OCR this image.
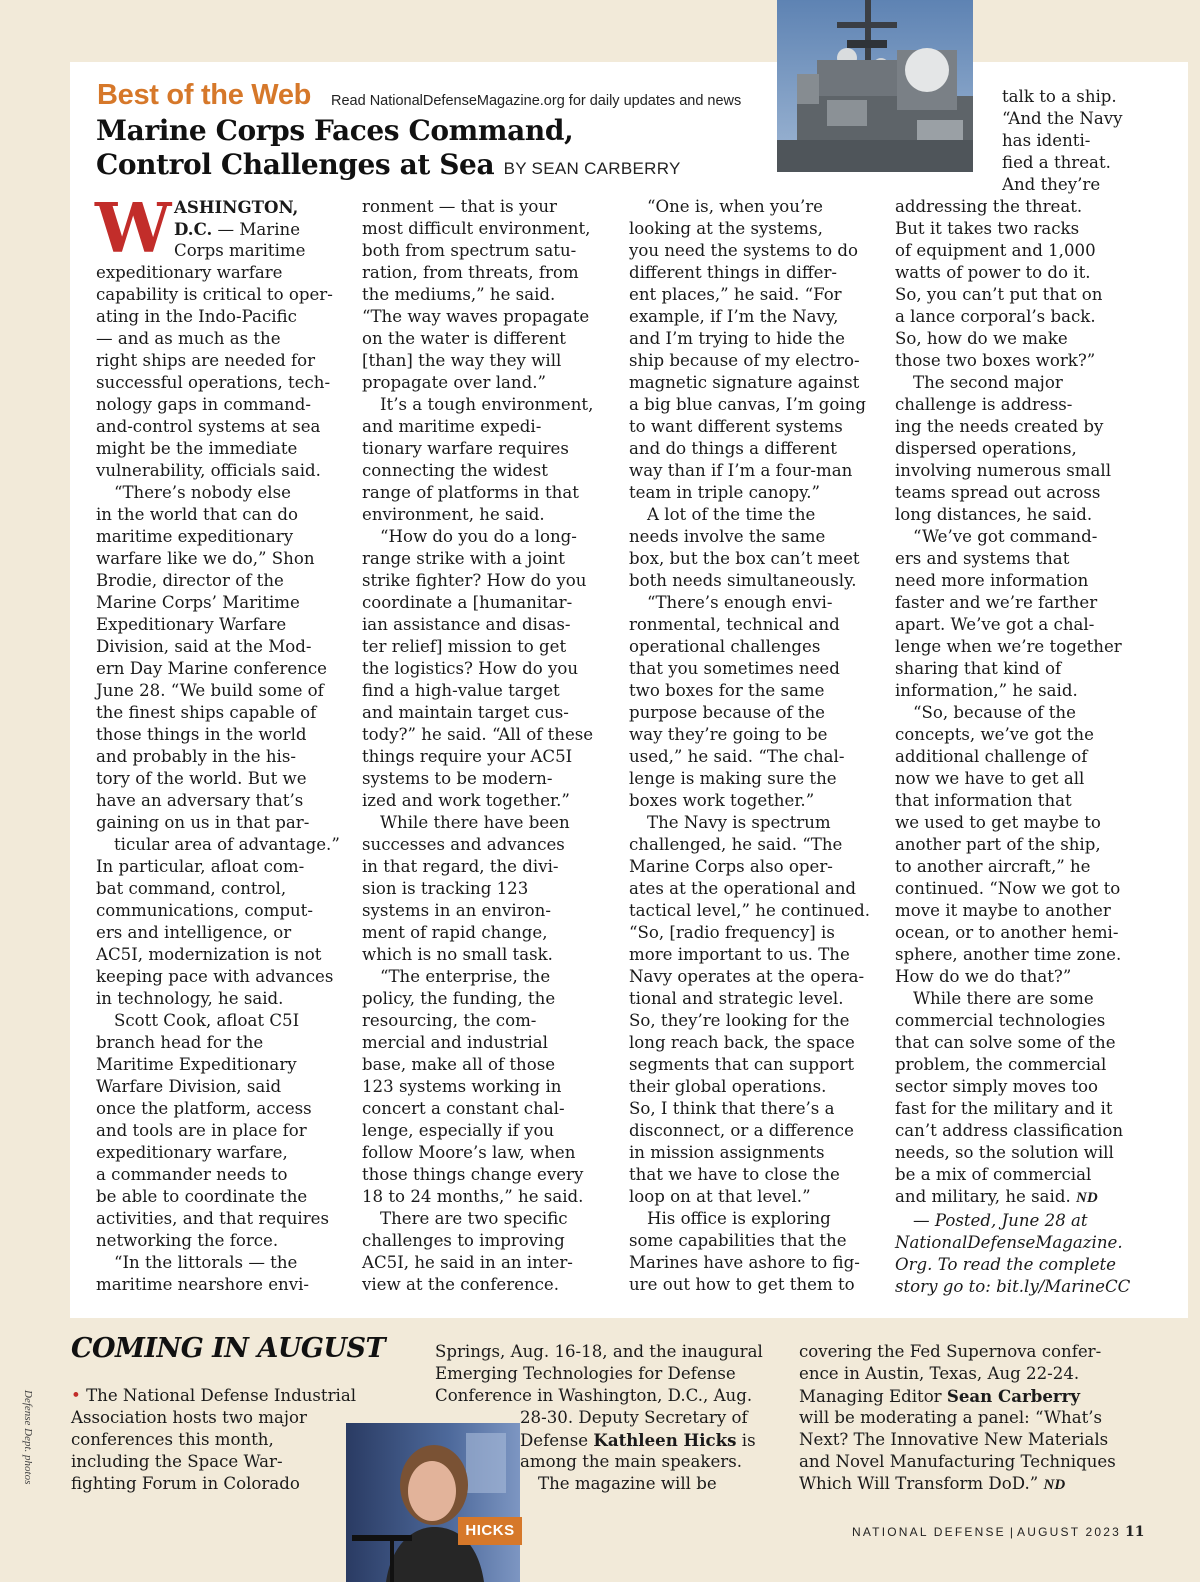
Best of the Web Read NationalDefenseMagazine.org for daily updates and news
Marine Corps Faces Command,
Control Challenges at Sea BY SEAN CARBERRY
W ASHINGTON,
D.C. — Marine
Corps maritime
expeditionary warfare
capability is critical to oper-
ating in the Indo-Pacific
— and as much as the
right ships are needed for
successful operations, tech-
nology gaps in command-
and-control systems at sea
might be the immediate
vulnerability, officials said.
“There’s nobody else
in the world that can do
maritime expeditionary
warfare like we do,” Shon
Brodie, director of the
Marine Corps’ Maritime
Expeditionary Warfare
Division, said at the Mod-
ern Day Marine conference
June 28. “We build some of
the finest ships capable of
those things in the world
and probably in the his-
tory of the world. But we
have an adversary that’s
gaining on us in that par-
ticular area of advantage.”
In particular, afloat com-
bat command, control,
communications, comput-
ers and intelligence, or
AC5I, modernization is not
keeping pace with advances
in technology, he said.
Scott Cook, afloat C5I
branch head for the
Maritime Expeditionary
Warfare Division, said
once the platform, access
and tools are in place for
expeditionary warfare,
a commander needs to
be able to coordinate the
activities, and that requires
networking the force.
“In the littorals — the
maritime nearshore envi-
ronment — that is your
most difficult environment,
both from spectrum satu-
ration, from threats, from
the mediums,” he said.
“The way waves propagate
on the water is different
[than] the way they will
propagate over land.”
It’s a tough environment,
and maritime expedi-
tionary warfare requires
connecting the widest
range of platforms in that
environment, he said.
“How do you do a long-
range strike with a joint
strike fighter? How do you
coordinate a [humanitar-
ian assistance and disas-
ter relief] mission to get
the logistics? How do you
find a high-value target
and maintain target cus-
tody?” he said. “All of these
things require your AC5I
systems to be modern-
ized and work together.”
While there have been
successes and advances
in that regard, the divi-
sion is tracking 123
systems in an environ-
ment of rapid change,
which is no small task.
“The enterprise, the
policy, the funding, the
resourcing, the com-
mercial and industrial
base, make all of those
123 systems working in
concert a constant chal-
lenge, especially if you
follow Moore’s law, when
those things change every
18 to 24 months,” he said.
There are two specific
challenges to improving
AC5I, he said in an inter-
view at the conference.
“One is, when you’re
looking at the systems,
you need the systems to do
different things in differ-
ent places,” he said. “For
example, if I’m the Navy,
and I’m trying to hide the
ship because of my electro-
magnetic signature against
a big blue canvas, I’m going
to want different systems
and do things a different
way than if I’m a four-man
team in triple canopy.”
A lot of the time the
needs involve the same
box, but the box can’t meet
both needs simultaneously.
“There’s enough envi-
ronmental, technical and
operational challenges
that you sometimes need
two boxes for the same
purpose because of the
way they’re going to be
used,” he said. “The chal-
lenge is making sure the
boxes work together.”
The Navy is spectrum
challenged, he said. “The
Marine Corps also oper-
ates at the operational and
tactical level,” he continued.
“So, [radio frequency] is
more important to us. The
Navy operates at the opera-
tional and strategic level.
So, they’re looking for the
long reach back, the space
segments that can support
their global operations.
So, I think that there’s a
disconnect, or a difference
in mission assignments
that we have to close the
loop on at that level.”
His office is exploring
some capabilities that the
Marines have ashore to fig-
ure out how to get them to
talk to a ship.
“And the Navy
has identi-
fied a threat.
And they’re
addressing the threat.
But it takes two racks
of equipment and 1,000
watts of power to do it.
So, you can’t put that on
a lance corporal’s back.
So, how do we make
those two boxes work?”
The second major
challenge is address-
ing the needs created by
dispersed operations,
involving numerous small
teams spread out across
long distances, he said.
“We’ve got command-
ers and systems that
need more information
faster and we’re farther
apart. We’ve got a chal-
lenge when we’re together
sharing that kind of
information,” he said.
“So, because of the
concepts, we’ve got the
additional challenge of
now we have to get all
that information that
we used to get maybe to
another part of the ship,
to another aircraft,” he
continued. “Now we got to
move it maybe to another
ocean, or to another hemi-
sphere, another time zone.
How do we do that?”
While there are some
commercial technologies
that can solve some of the
problem, the commercial
sector simply moves too
fast for the military and it
can’t address classification
needs, so the solution will
be a mix of commercial
and military, he said. ND
— Posted, June 28 at
NationalDefenseMagazine.
Org. To read the complete
story go to: bit.ly/MarineCC
COMING IN AUGUST
• The National Defense Industrial
Association hosts two major
conferences this month,
including the Space War-
fighting Forum in Colorado
Springs, Aug. 16-18, and the inaugural
Emerging Technologies for Defense
Conference in Washington, D.C., Aug.
28-30. Deputy Secretary of
Defense Kathleen Hicks is
among the main speakers.
The magazine will be
covering the Fed Supernova confer-
ence in Austin, Texas, Aug 22-24.
Managing Editor Sean Carberry
will be moderating a panel: “What’s
Next? The Innovative New Materials
and Novel Manufacturing Techniques
Which Will Transform DoD.” ND
HICKS
Defense Dept. photos
NATIONAL DEFENSE | AUGUST 2023 11
